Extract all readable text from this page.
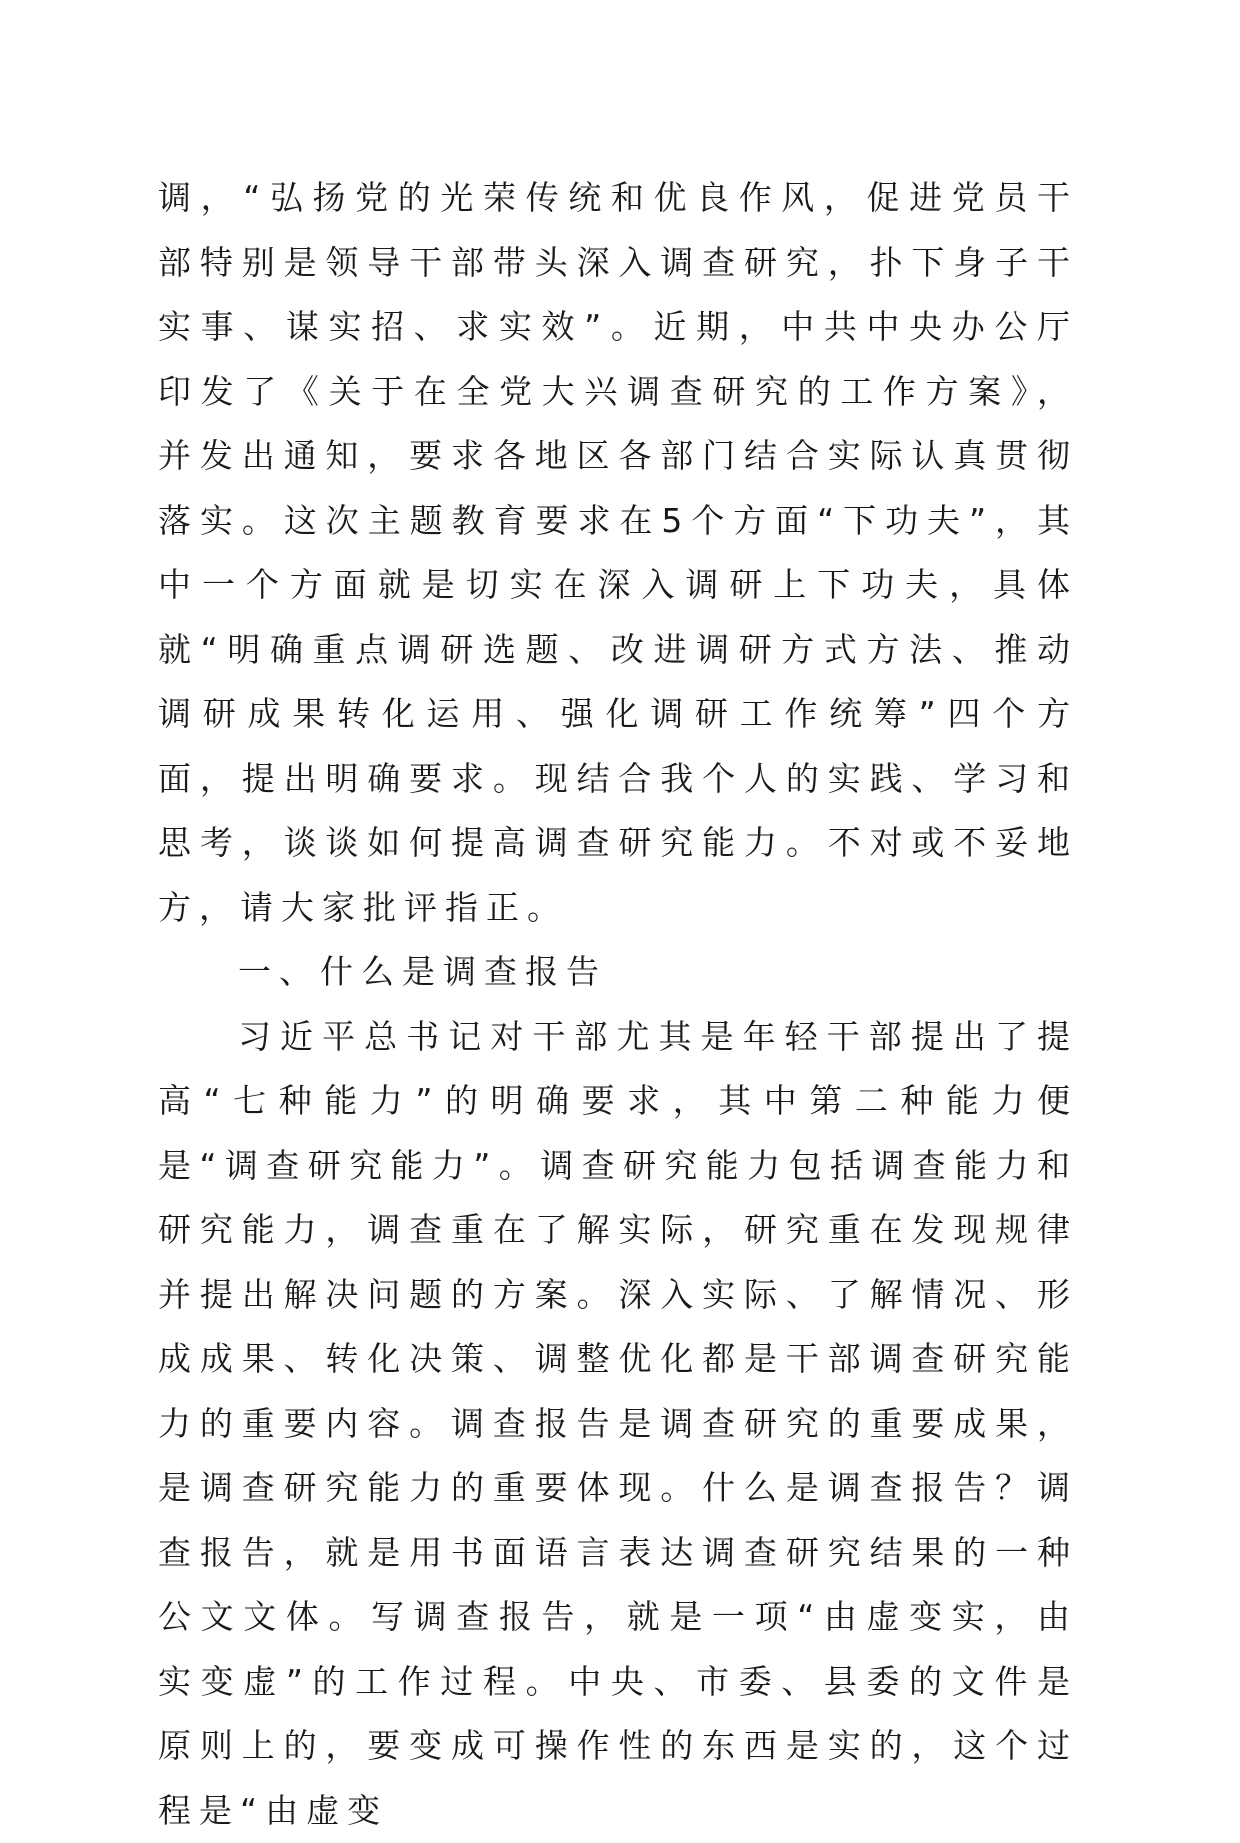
调，“弘扬党的光荣传统和优良作风，促进党员干部特别是领导干部带头深入调查研究，扑下身子干实事、谋实招、求实效”。近期，中共中央办公厅印发了《关于在全党大兴调查研究的工作方案》，并发出通知，要求各地区各部门结合实际认真贯彻落实。这次主题教育要求在5个方面“下功夫”，其中一个方面就是切实在深入调研上下功夫，具体就“明确重点调研选题、改进调研方式方法、推动调研成果转化运用、强化调研工作统筹”四个方面，提出明确要求。现结合我个人的实践、学习和思考，谈谈如何提高调查研究能力。不对或不妥地方，请大家批评指正。

一、什么是调查报告

习近平总书记对干部尤其是年轻干部提出了提高“七种能力”的明确要求，其中第二种能力便是“调查研究能力”。调查研究能力包括调查能力和研究能力，调查重在了解实际，研究重在发现规律并提出解决问题的方案。深入实际、了解情况、形成成果、转化决策、调整优化都是干部调查研究能力的重要内容。调查报告是调查研究的重要成果，是调查研究能力的重要体现。什么是调查报告？调查报告，就是用书面语言表达调查研究结果的一种公文文体。写调查报告，就是一项“由虚变实，由实变虚”的工作过程。中央、市委、县委的文件是原则上的，要变成可操作性的东西是实的，这个过程是“由虚变
